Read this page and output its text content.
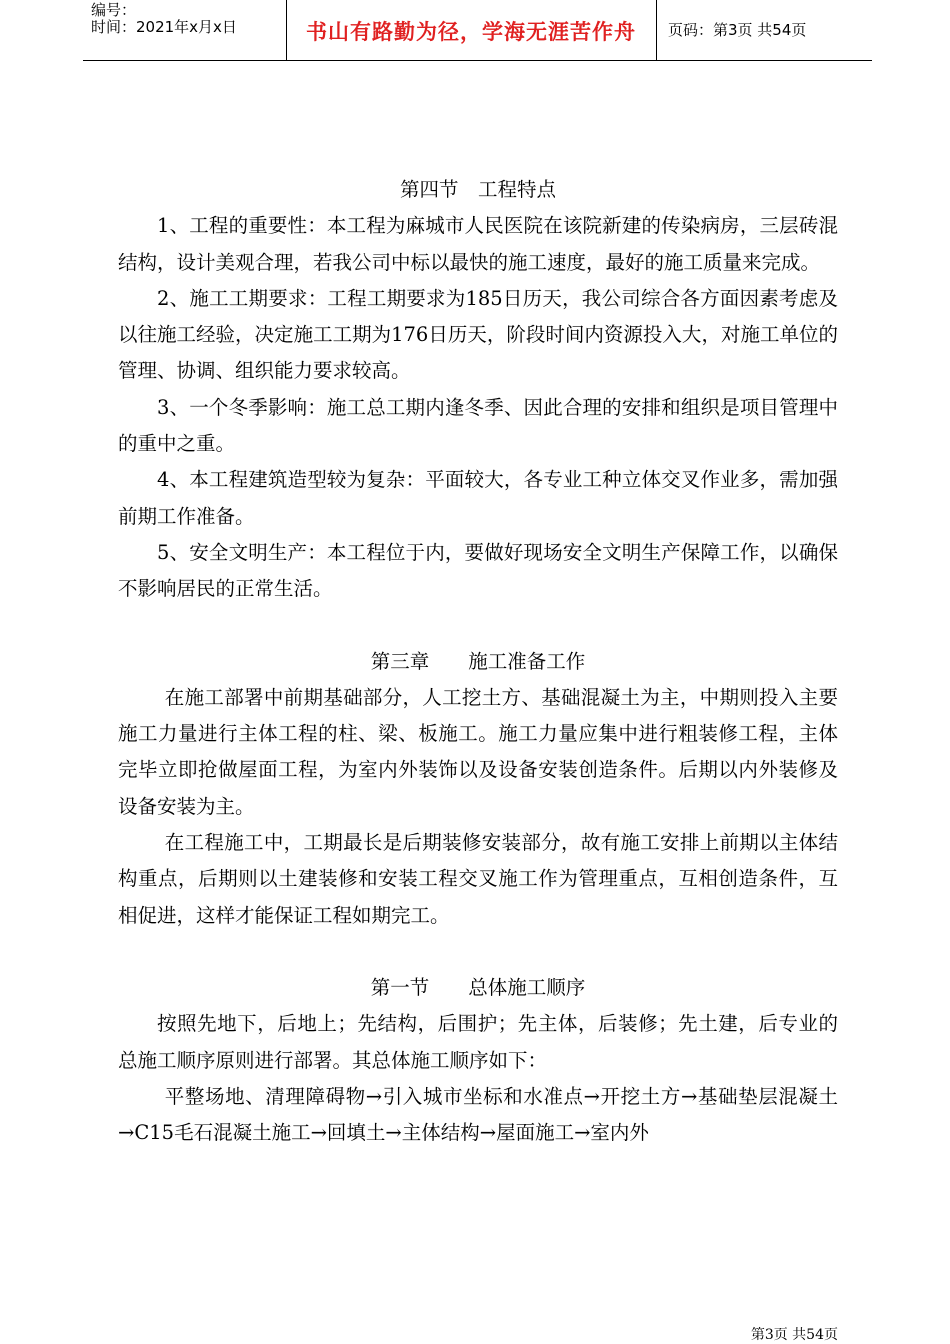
编号：
时间：2021年x月x日	书山有路勤为径，学海无涯苦作舟	页码：第3页 共54页

第四节　工程特点

1、工程的重要性：本工程为麻城市人民医院在该院新建的传染病房，三层砖混结构，设计美观合理，若我公司中标以最快的施工速度，最好的施工质量来完成。

2、施工工期要求：工程工期要求为185日历天，我公司综合各方面因素考虑及以往施工经验，决定施工工期为176日历天，阶段时间内资源投入大，对施工单位的管理、协调、组织能力要求较高。

3、一个冬季影响：施工总工期内逢冬季、因此合理的安排和组织是项目管理中的重中之重。

4、本工程建筑造型较为复杂：平面较大，各专业工种立体交叉作业多，需加强前期工作准备。

5、安全文明生产：本工程位于内，要做好现场安全文明生产保障工作，以确保不影响居民的正常生活。

第三章　　施工准备工作

在施工部署中前期基础部分，人工挖土方、基础混凝土为主，中期则投入主要施工力量进行主体工程的柱、梁、板施工。施工力量应集中进行粗装修工程，主体完毕立即抢做屋面工程，为室内外装饰以及设备安装创造条件。后期以内外装修及设备安装为主。

在工程施工中，工期最长是后期装修安装部分，故有施工安排上前期以主体结构重点，后期则以土建装修和安装工程交叉施工作为管理重点，互相创造条件，互相促进，这样才能保证工程如期完工。

第一节　　总体施工顺序

按照先地下，后地上；先结构，后围护；先主体，后装修；先土建，后专业的总施工顺序原则进行部署。其总体施工顺序如下：

平整场地、清理障碍物→引入城市坐标和水准点→开挖土方→基础垫层混凝土→C15毛石混凝土施工→回填土→主体结构→屋面施工→室内外

第3页 共54页
